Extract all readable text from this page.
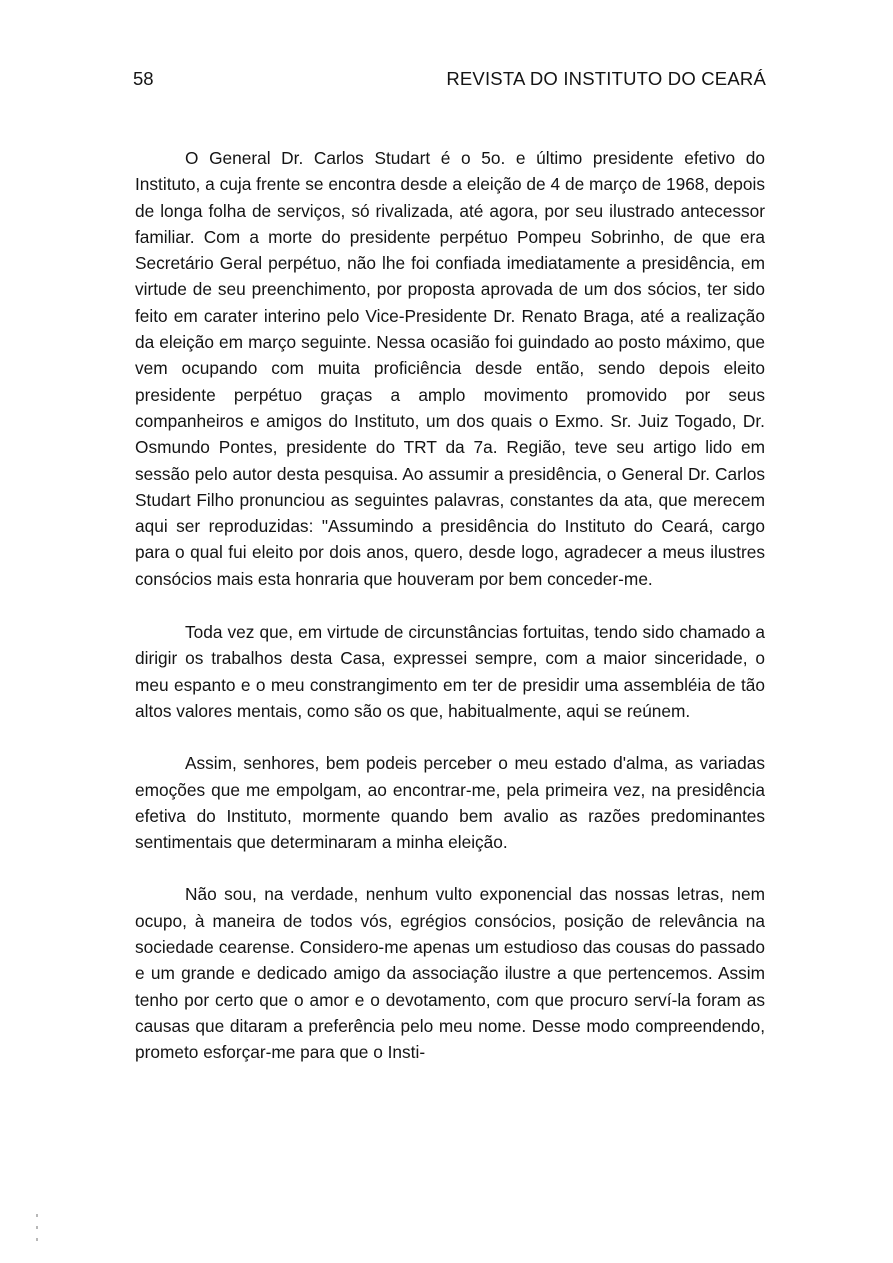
58	REVISTA DO INSTITUTO DO CEARÁ

O General Dr. Carlos Studart é o 5o. e último presidente efetivo do Instituto, a cuja frente se encontra desde a eleição de 4 de março de 1968, depois de longa folha de serviços, só rivalizada, até agora, por seu ilustrado antecessor familiar. Com a morte do presidente perpétuo Pompeu Sobrinho, de que era Secretário Geral perpétuo, não lhe foi confiada imediatamente a presidência, em virtude de seu preenchimento, por proposta aprovada de um dos sócios, ter sido feito em carater interino pelo Vice-Presidente Dr. Renato Braga, até a realização da eleição em março seguinte. Nessa ocasião foi guindado ao posto máximo, que vem ocupando com muita proficiência desde então, sendo depois eleito presidente perpétuo graças a amplo movimento promovido por seus companheiros e amigos do Instituto, um dos quais o Exmo. Sr. Juiz Togado, Dr. Osmundo Pontes, presidente do TRT da 7a. Região, teve seu artigo lido em sessão pelo autor desta pesquisa. Ao assumir a presidência, o General Dr. Carlos Studart Filho pronunciou as seguintes palavras, constantes da ata, que merecem aqui ser reproduzidas: "Assumindo a presidência do Instituto do Ceará, cargo para o qual fui eleito por dois anos, quero, desde logo, agradecer a meus ilustres consócios mais esta honraria que houveram por bem conceder-me.

Toda vez que, em virtude de circunstâncias fortuitas, tendo sido chamado a dirigir os trabalhos desta Casa, expressei sempre, com a maior sinceridade, o meu espanto e o meu constrangimento em ter de presidir uma assembléia de tão altos valores mentais, como são os que, habitualmente, aqui se reúnem.

Assim, senhores, bem podeis perceber o meu estado d'alma, as variadas emoções que me empolgam, ao encontrar-me, pela primeira vez, na presidência efetiva do Instituto, mormente quando bem avalio as razões predominantes sentimentais que determinaram a minha eleição.

Não sou, na verdade, nenhum vulto exponencial das nossas letras, nem ocupo, à maneira de todos vós, egrégios consócios, posição de relevância na sociedade cearense. Considero-me apenas um estudioso das cousas do passado e um grande e dedicado amigo da associação ilustre a que pertencemos. Assim tenho por certo que o amor e o devotamento, com que procuro serví-la foram as causas que ditaram a preferência pelo meu nome. Desse modo compreendendo, prometo esforçar-me para que o Insti-
